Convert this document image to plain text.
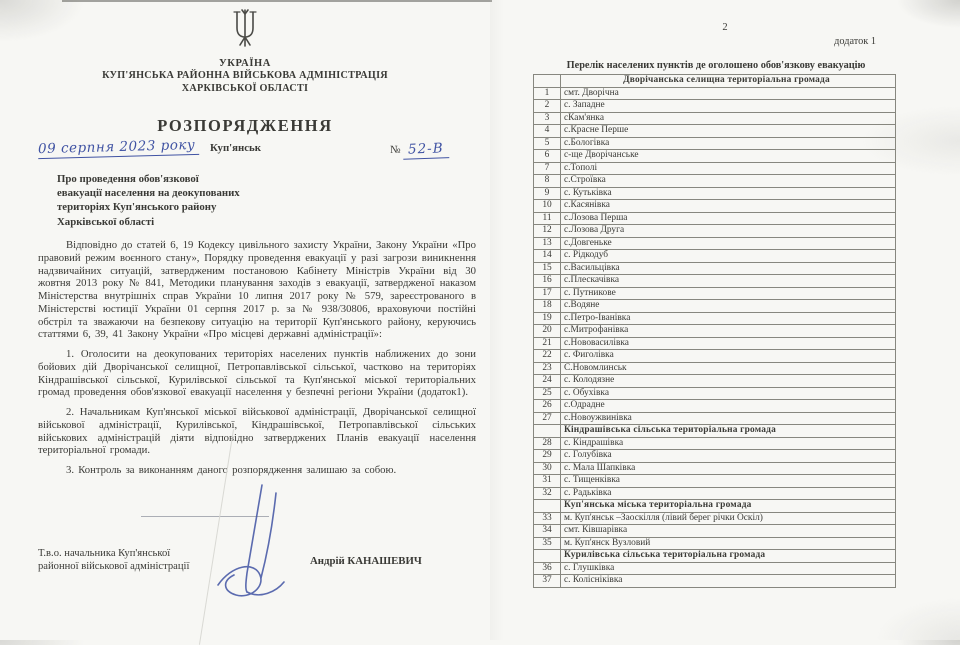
УКРАЇНА
КУП'ЯНСЬКА РАЙОННА ВІЙСЬКОВА АДМІНІСТРАЦІЯ
ХАРКІВСЬКОЇ ОБЛАСТІ
РОЗПОРЯДЖЕННЯ
09 серпня 2023 року	Куп'янськ	№ 52-В
Про проведення обов'язкової
евакуації населення на деокупованих
територіях Куп'янського району
Харківської області

Відповідно до статей 6, 19 Кодексу цивільного захисту України, Закону України «Про правовий режим воєнного стану», Порядку проведення евакуації у разі загрози виникнення надзвичайних ситуацій, затвердженим постановою Кабінету Міністрів України від 30 жовтня 2013 року № 841, Методики планування заходів з евакуації, затвердженої наказом Міністерства внутрішніх справ України 10 липня 2017 року № 579, зареєстрованого в Міністерстві юстиції України 01 серпня 2017 р. за № 938/30806, враховуючи постійні обстріл та зважаючи на безпекову ситуацію на території Куп'янського району, керуючись статтями 6, 39, 41 Закону України «Про місцеві державні адміністрації»:

1. Оголосити на деокупованих територіях населених пунктів наближених до зони бойових дій Дворічанської селищної, Петропавлівської сільської, частково на територіях Кіндрашівської сільської, Курилівської сільської та Куп'янської міської територіальних громад проведення обов'язкової евакуації населення у безпечні регіони України (додаток1).

2. Начальникам Куп'янської міської військової адміністрації, Дворічанської селищної військової адміністрації, Курилівської, Кіндрашівської, Петропавлівської сільських військових адміністрацій діяти відповідно затверджених Планів евакуації населення територіальної громади.

3. Контроль за виконанням даного розпорядження залишаю за собою.

Т.в.о. начальника Куп'янської
районної військової адміністрації	Андрій КАНАШЕВИЧ
2
додаток 1
Перелік населених пунктів де оголошено обов'язкову евакуацію
	Дворічанська селищна територіальна громада
1	смт. Дворічна
2	с. Западне
3	сКам'янка
4	с.Красне Перше
5	с.Бологівка
6	с-ще Дворічанське
7	с.Тополі
8	с.Строївка
9	с. Кутьківка
10	с.Касянівка
11	с.Лозова Перша
12	с.Лозова Друга
13	с.Довгеньке
14	с. Рідкодуб
15	с.Васильцівка
16	с.Плескачівка
17	с. Путникове
18	с.Водяне
19	с.Петро-Іванівка
20	с.Митрофанівка
21	с.Нововасилівка
22	с. Фиголівка
23	С.Новомлинськ
24	с. Колодязне
25	с. Обухівка
26	с.Одрадне
27	с.Новоужвинівка
	Кіндрашівська сільська територіальна громада
28	с. Кіндрашівка
29	с. Голубівка
30	с. Мала Шапківка
31	с. Тищенківка
32	с. Радьківка
	Куп'янська міська територіальна громада
33	м. Куп'янськ –Заоскілля (лівий берег річки Оскіл)
34	смт. Ківшарівка
35	м. Куп'янск Вузловий
	Курилівська сільська територіальна громада
36	с. Глушківка
37	с. Колісніківка
